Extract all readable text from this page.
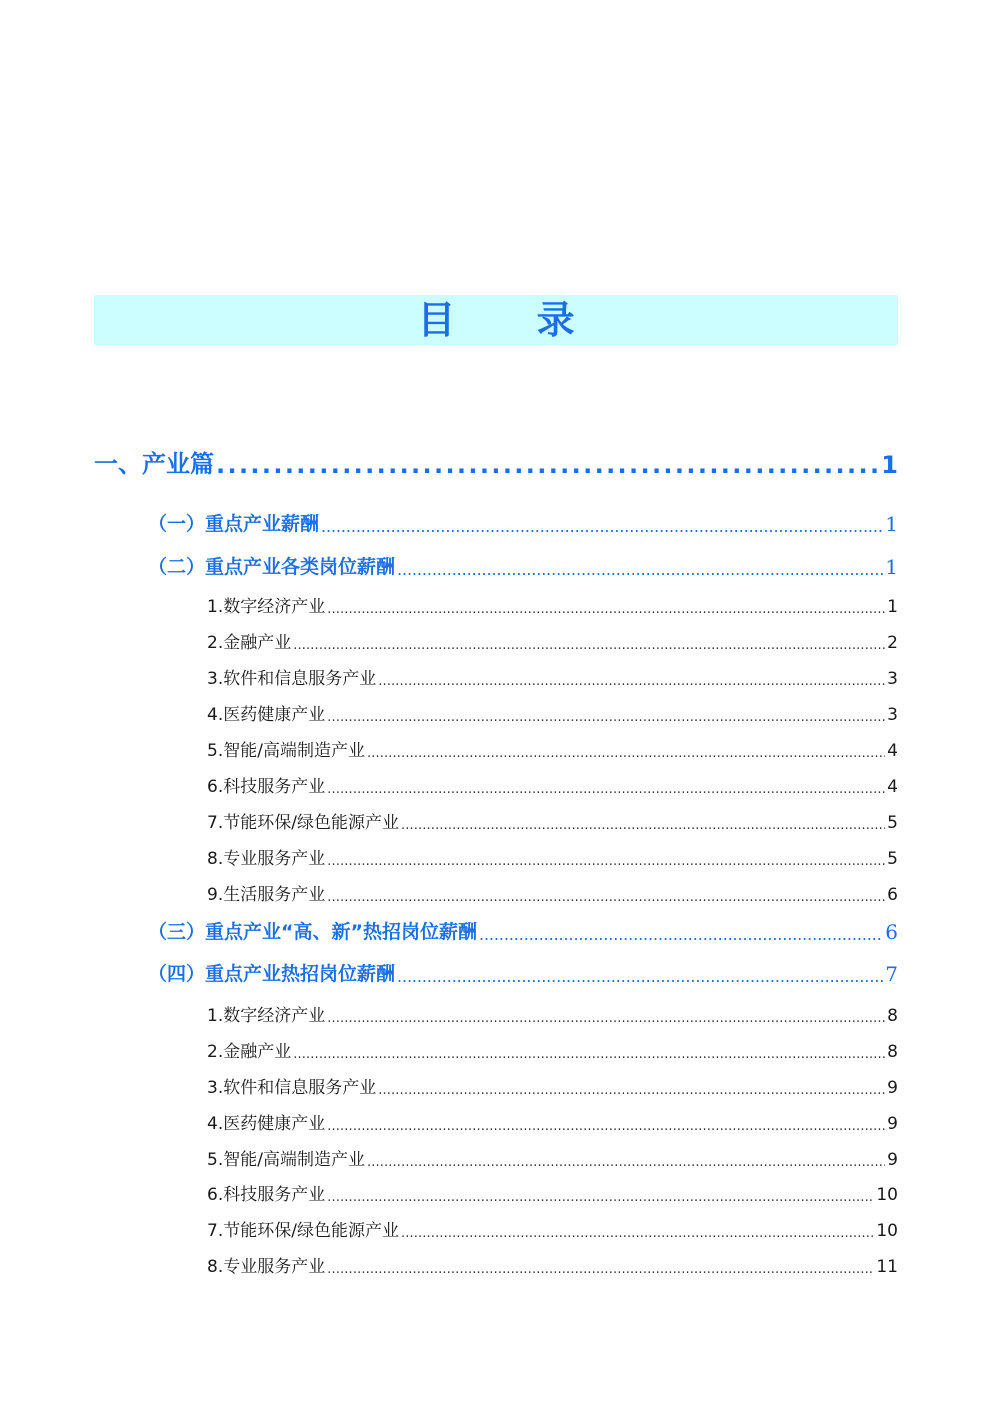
目 录
一、产业篇 . . .	1
（一）重点产业薪酬 . . .	1
（二）重点产业各类岗位薪酬 . . .	1
1.数字经济产业 . . .	1
2.金融产业 . . .	2
3.软件和信息服务产业 . . .	3
4.医药健康产业 . . .	3
5.智能/高端制造产业 . . .	4
6.科技服务产业 . . .	4
7.节能环保/绿色能源产业 . . .	5
8.专业服务产业 . . .	5
9.生活服务产业 . . .	6
（三）重点产业“高、新”热招岗位薪酬 . . .	6
（四）重点产业热招岗位薪酬 . . .	7
1.数字经济产业 . . .	8
2.金融产业 . . .	8
3.软件和信息服务产业 . . .	9
4.医药健康产业 . . .	9
5.智能/高端制造产业 . . .	9
6.科技服务产业 . . .	10
7.节能环保/绿色能源产业 . . .	10
8.专业服务产业 . . .	11
